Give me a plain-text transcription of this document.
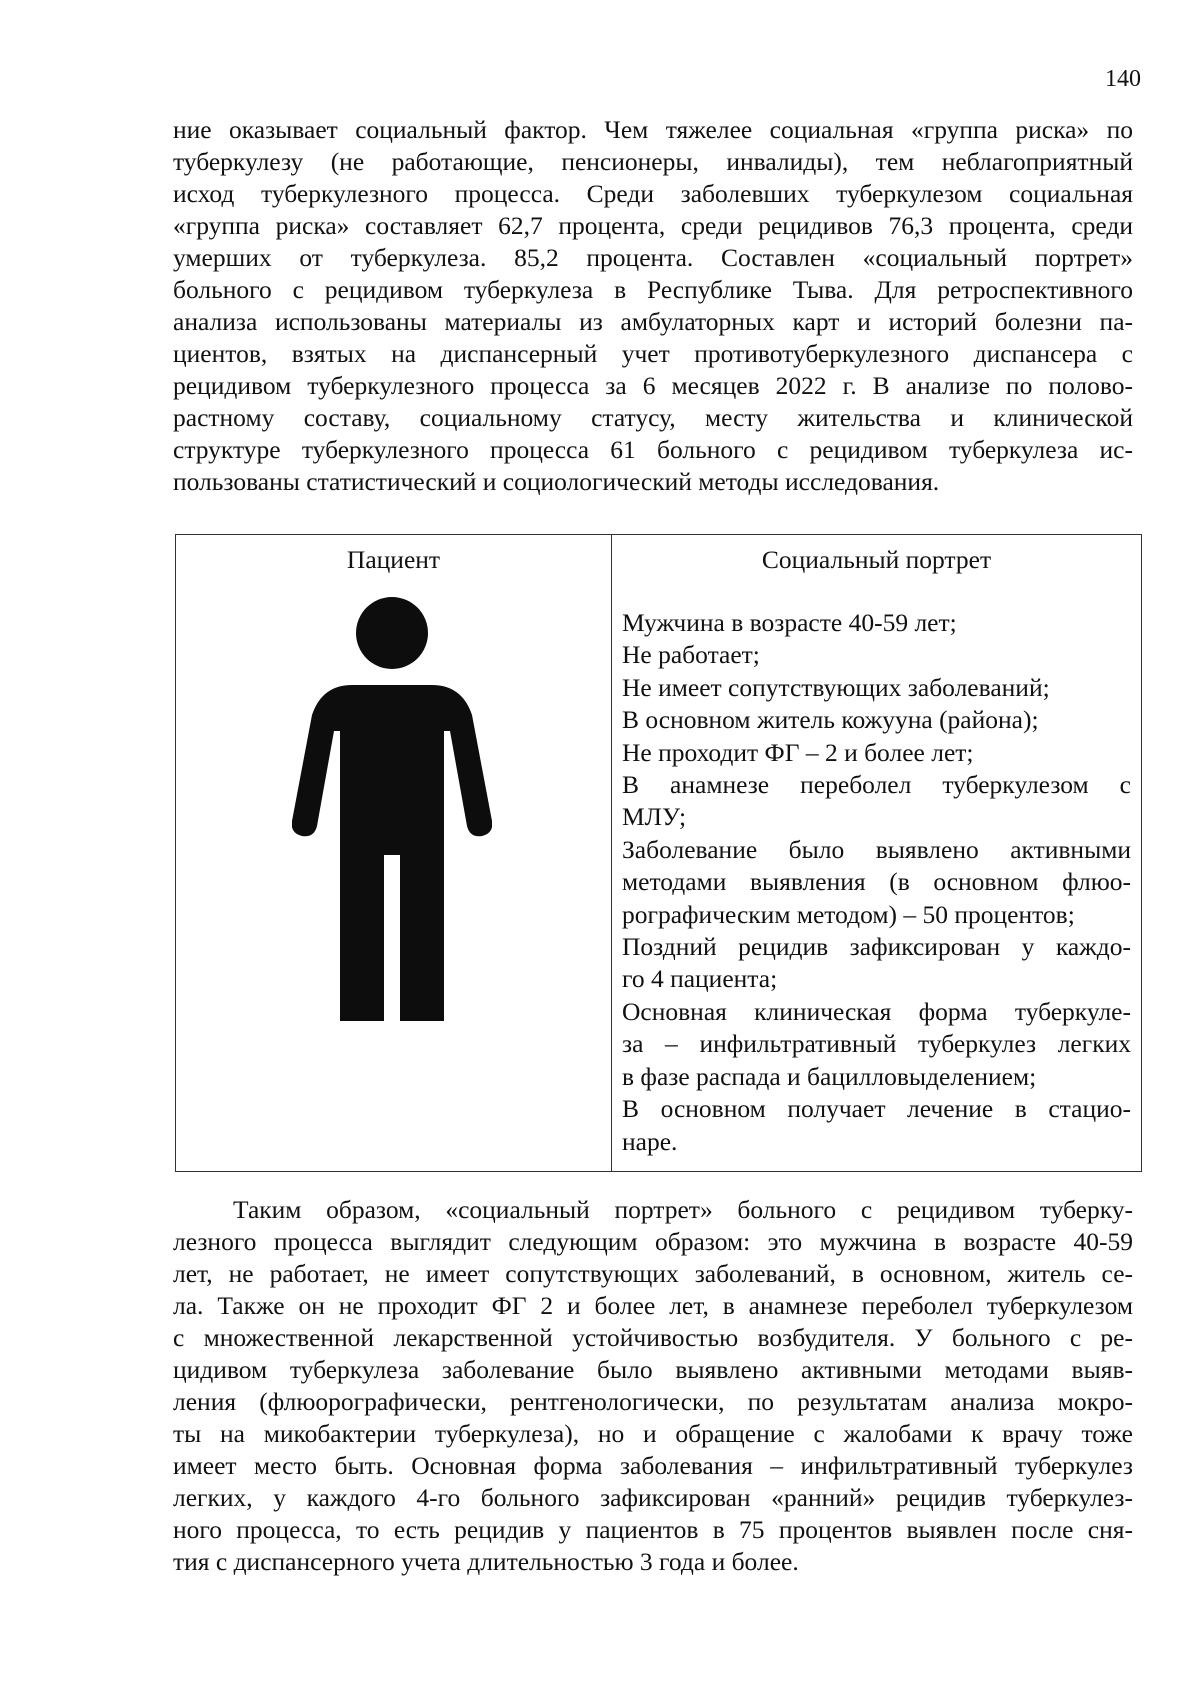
140
ние оказывает социальный фактор. Чем тяжелее социальная «группа риска» по
туберкулезу (не работающие, пенсионеры, инвалиды), тем неблагоприятный
исход туберкулезного процесса. Среди заболевших туберкулезом социальная
«группа риска» составляет 62,7 процента, среди рецидивов 76,3 процента, среди
умерших от туберкулеза. 85,2 процента. Составлен «социальный портрет»
больного с рецидивом туберкулеза в Республике Тыва. Для ретроспективного
анализа использованы материалы из амбулаторных карт и историй болезни па-
циентов, взятых на диспансерный учет противотуберкулезного диспансера с
рецидивом туберкулезного процесса за 6 месяцев 2022 г. В анализе по полово-
растному составу, социальному статусу, месту жительства и клинической
структуре туберкулезного процесса 61 больного с рецидивом туберкулеза ис-
пользованы статистический и социологический методы исследования.
Пациент	Социальный портрет
Мужчина в возрасте 40-59 лет;
Не работает;
Не имеет сопутствующих заболеваний;
В основном житель кожууна (района);
Не проходит ФГ – 2 и более лет;
В анамнезе переболел туберкулезом с
МЛУ;
Заболевание было выявлено активными
методами выявления (в основном флюо-
рографическим методом) – 50 процентов;
Поздний рецидив зафиксирован у каждо-
го 4 пациента;
Основная клиническая форма туберкуле-
за – инфильтративный туберкулез легких
в фазе распада и бацилловыделением;
В основном получает лечение в стацио-
наре.
Таким образом, «социальный портрет» больного с рецидивом туберку-
лезного процесса выглядит следующим образом: это мужчина в возрасте 40-59
лет, не работает, не имеет сопутствующих заболеваний, в основном, житель се-
ла. Также он не проходит ФГ 2 и более лет, в анамнезе переболел туберкулезом
с множественной лекарственной устойчивостью возбудителя. У больного с ре-
цидивом туберкулеза заболевание было выявлено активными методами выяв-
ления (флюорографически, рентгенологически, по результатам анализа мокро-
ты на микобактерии туберкулеза), но и обращение с жалобами к врачу тоже
имеет место быть. Основная форма заболевания – инфильтративный туберкулез
легких, у каждого 4-го больного зафиксирован «ранний» рецидив туберкулез-
ного процесса, то есть рецидив у пациентов в 75 процентов выявлен после сня-
тия с диспансерного учета длительностью 3 года и более.
